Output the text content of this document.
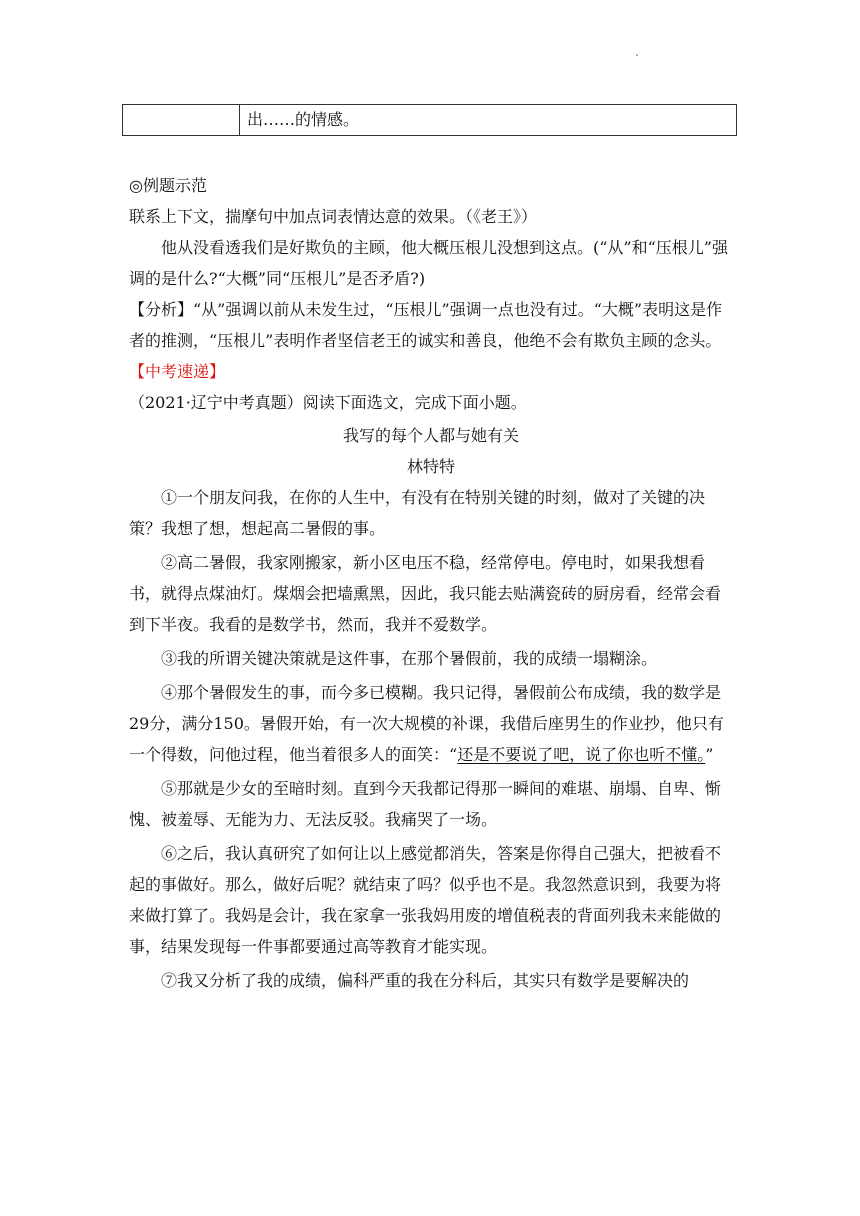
出……的情感。

◎例题示范

联系上下文，揣摩句中加点词表情达意的效果。（《老王》）

他从没看透我们是好欺负的主顾，他大概压根儿没想到这点。(“从”和“压根儿”强调的是什么?“大概”同“压根儿”是否矛盾?)

【分析】“从”强调以前从未发生过，“压根儿”强调一点也没有过。“大概”表明这是作者的推测，“压根儿”表明作者坚信老王的诚实和善良，他绝不会有欺负主顾的念头。

【中考速递】

（2021·辽宁中考真题）阅读下面选文，完成下面小题。

我写的每个人都与她有关

林特特

①一个朋友问我，在你的人生中，有没有在特别关键的时刻，做对了关键的决策？我想了想，想起高二暑假的事。

②高二暑假，我家刚搬家，新小区电压不稳，经常停电。停电时，如果我想看书，就得点煤油灯。煤烟会把墙熏黑，因此，我只能去贴满瓷砖的厨房看，经常会看到下半夜。我看的是数学书，然而，我并不爱数学。

③我的所谓关键决策就是这件事，在那个暑假前，我的成绩一塌糊涂。

④那个暑假发生的事，而今多已模糊。我只记得，暑假前公布成绩，我的数学是29分，满分150。暑假开始，有一次大规模的补课，我借后座男生的作业抄，他只有一个得数，问他过程，他当着很多人的面笑：“还是不要说了吧，说了你也听不懂。”

⑤那就是少女的至暗时刻。直到今天我都记得那一瞬间的难堪、崩塌、自卑、惭愧、被羞辱、无能为力、无法反驳。我痛哭了一场。

⑥之后，我认真研究了如何让以上感觉都消失，答案是你得自己强大，把被看不起的事做好。那么，做好后呢？就结束了吗？似乎也不是。我忽然意识到，我要为将来做打算了。我妈是会计，我在家拿一张我妈用废的增值税表的背面列我未来能做的事，结果发现每一件事都要通过高等教育才能实现。

⑦我又分析了我的成绩，偏科严重的我在分科后，其实只有数学是要解决的
